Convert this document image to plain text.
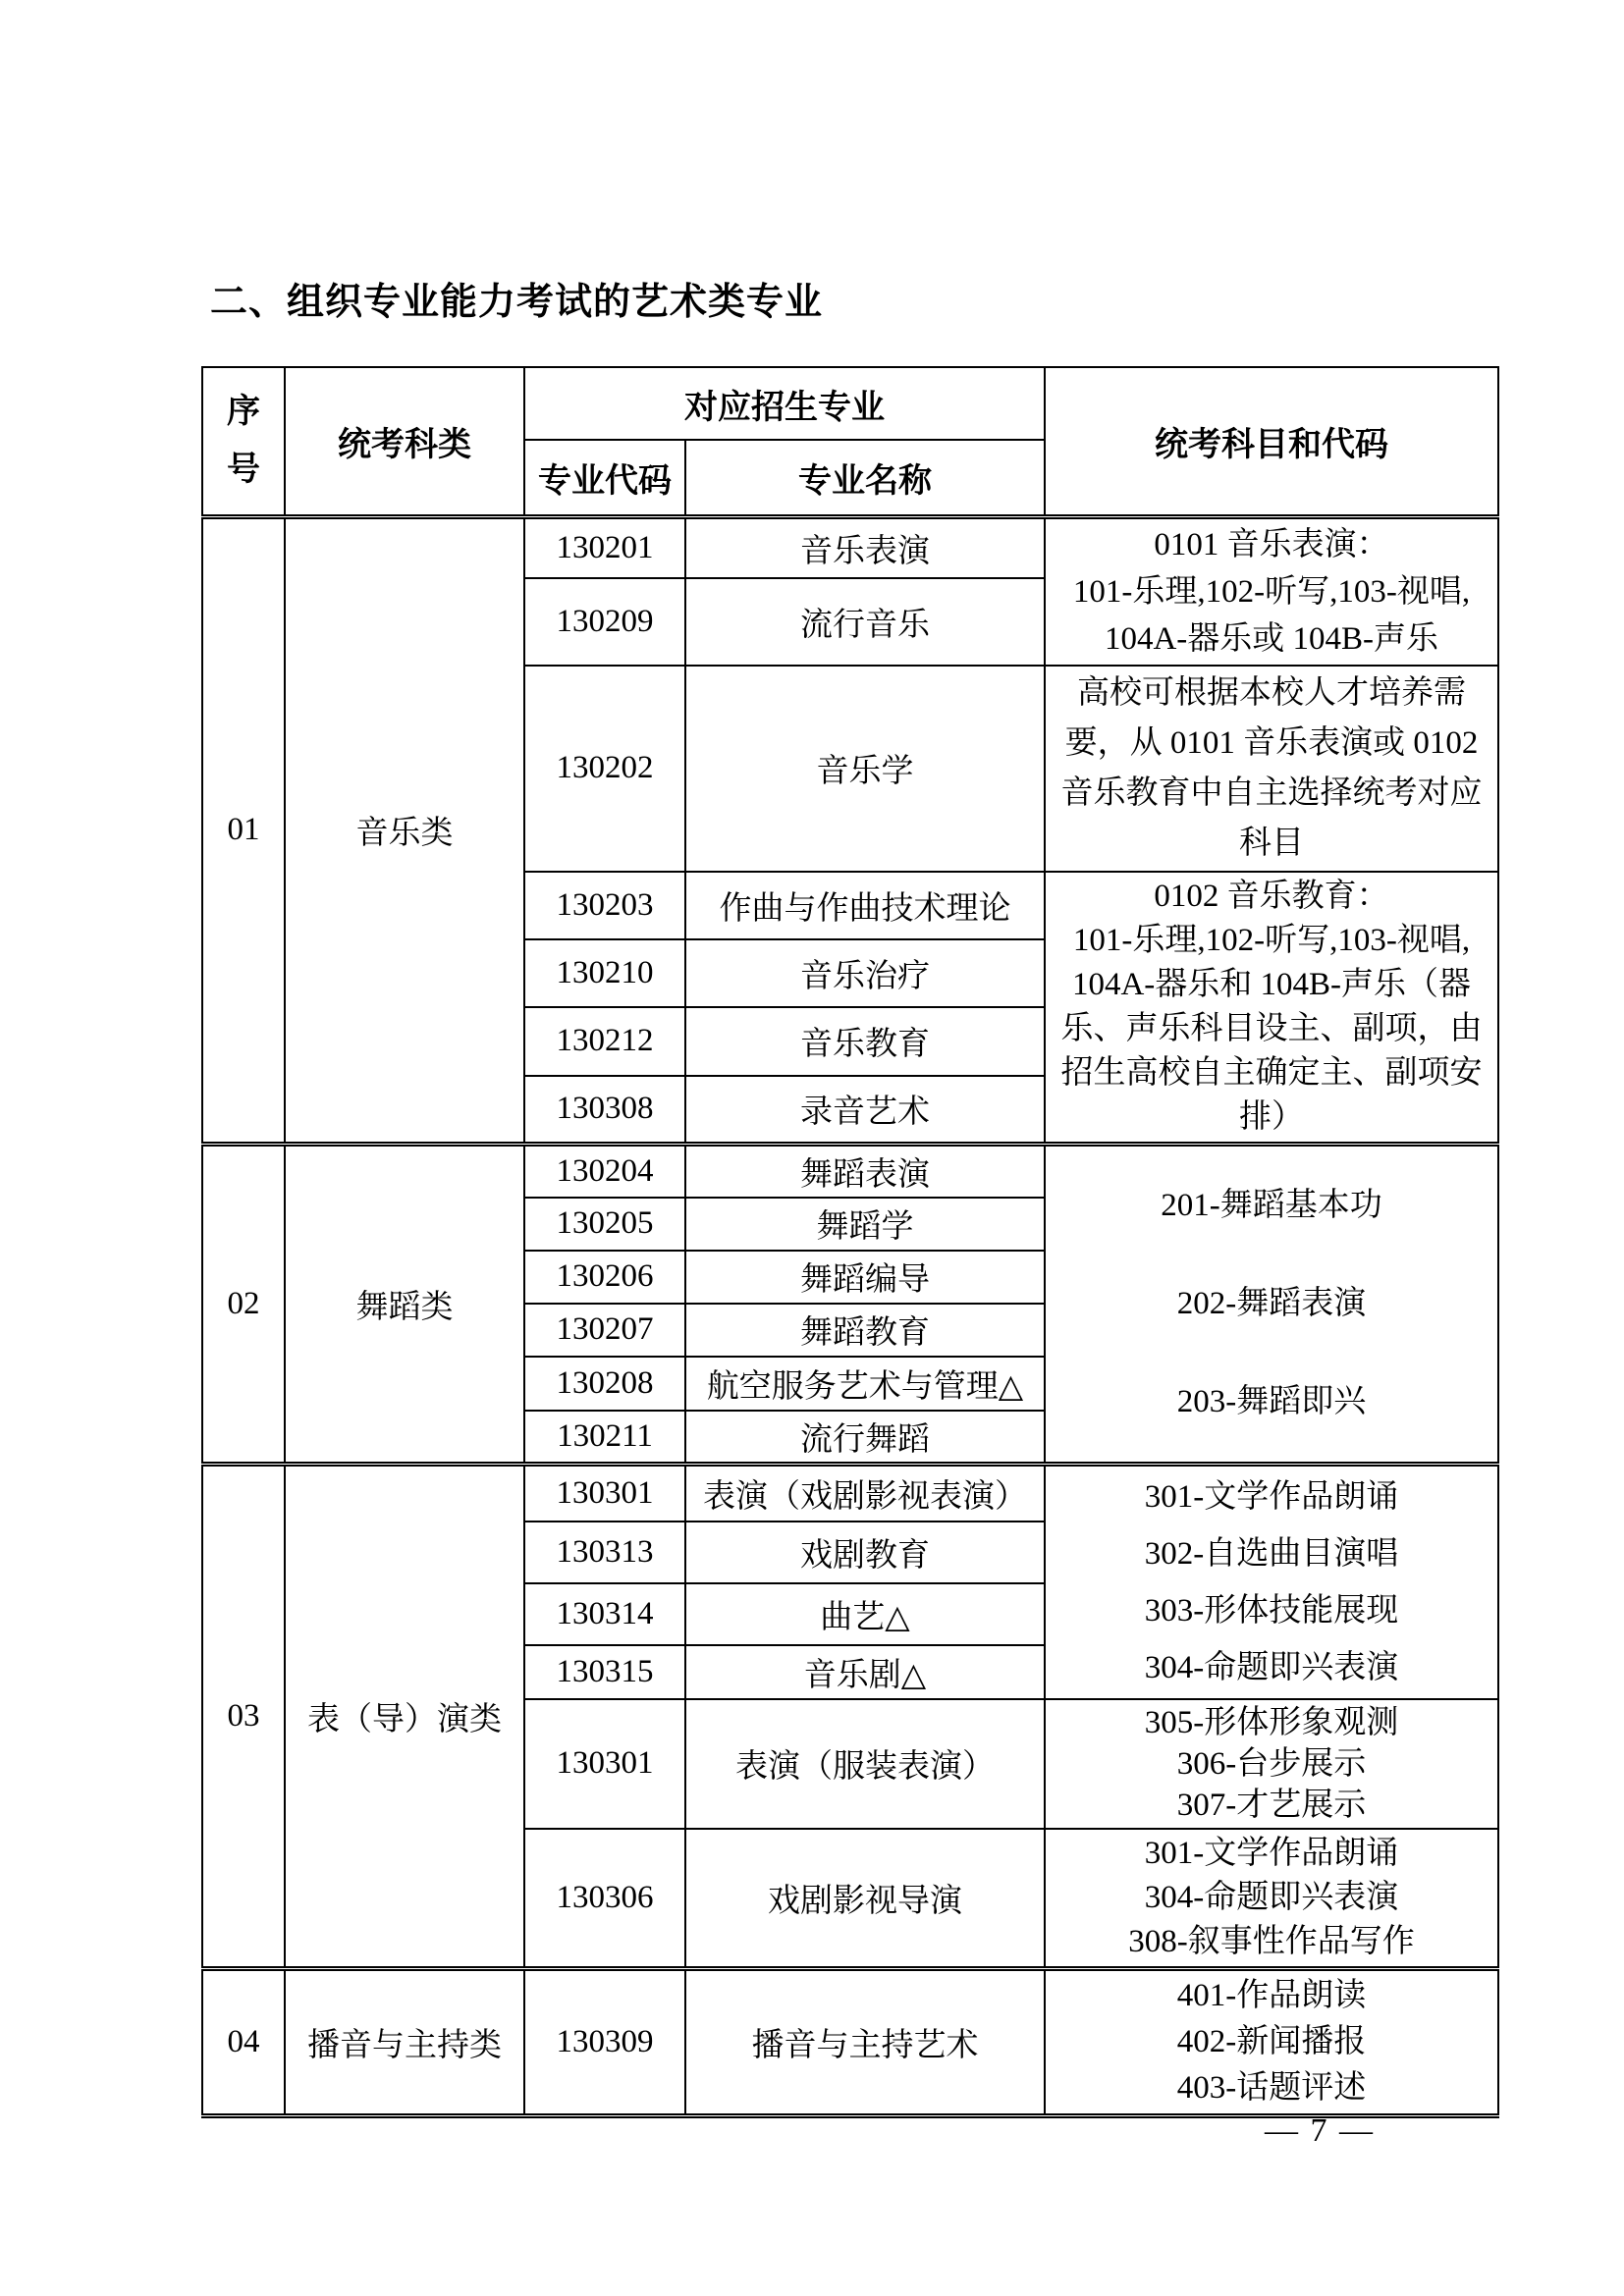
二、组织专业能力考试的艺术类专业
序号	统考科类	对应招生专业		统考科目和代码
		专业代码	专业名称	
01	音乐类	130201	音乐表演	0101 音乐表演：
101-乐理,102-听写,103-视唱,
104A-器乐或 104B-声乐

		130209	流行音乐	
		130202	音乐学	高校可根据本校人才培养需要，从 0101 音乐表演或 0102 音乐教育中自主选择统考对应科目

		130203	作曲与作曲技术理论	0102 音乐教育：
101-乐理,102-听写,103-视唱,
104A-器乐和 104B-声乐（器乐、声乐科目设主、副项，由招生高校自主确定主、副项安排）

		130210	音乐治疗	
		130212	音乐教育	
		130308	录音艺术	
02	舞蹈类	130204	舞蹈表演	201-舞蹈基本功
202-舞蹈表演
203-舞蹈即兴

		130205	舞蹈学	
		130206	舞蹈编导	
		130207	舞蹈教育	
		130208	航空服务艺术与管理△	
		130211	流行舞蹈	
03	表（导）演类	130301	表演（戏剧影视表演）	301-文学作品朗诵
302-自选曲目演唱
303-形体技能展现
304-命题即兴表演

		130313	戏剧教育	
		130314	曲艺△	
		130315	音乐剧△	
		130301	表演（服装表演）	305-形体形象观测
306-台步展示
307-才艺展示

		130306	戏剧影视导演	301-文学作品朗诵
304-命题即兴表演
308-叙事性作品写作

04	播音与主持类	130309	播音与主持艺术	401-作品朗读
402-新闻播报
403-话题评述
— 7 —
